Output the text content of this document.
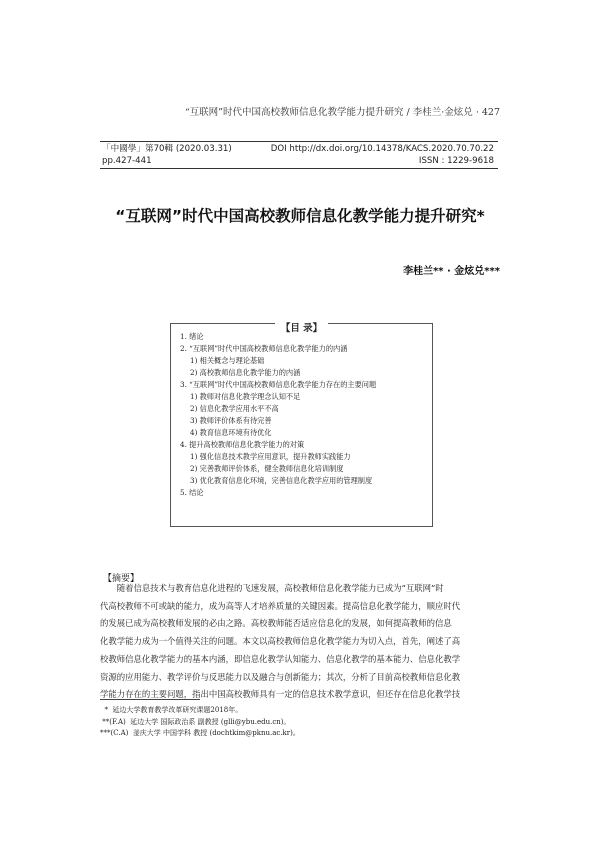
“互联网”时代中国高校教师信息化教学能力提升研究 / 李桂兰·金炫兑 · 427
「中國學」第70輯 (2020.03.31)	DOI http://dx.doi.org/10.14378/KACS.2020.70.70.22
pp.427-441	ISSN : 1229-9618
“互联网”时代中国高校教师信息化教学能力提升研究*
李桂兰** · 金炫兑***
【目 录】
1. 绪论
2. “互联网”时代中国高校教师信息化教学能力的内涵
1) 相关概念与理论基础
2) 高校教师信息化教学能力的内涵
3. “互联网”时代中国高校教师信息化教学能力存在的主要问题
1) 教师对信息化教学理念认知不足
2) 信息化教学应用水平不高
3) 教师评价体系有待完善
4) 教育信息环境有待优化
4. 提升高校教师信息化教学能力的对策
1) 强化信息技术教学应用意识，提升教师实践能力
2) 完善教师评价体系，健全教师信息化培训制度
3) 优化教育信息化环境，完善信息化教学应用的管理制度
5. 结论
【摘要】

随着信息技术与教育信息化进程的飞速发展，高校教师信息化教学能力已成为“互联网”时
代高校教师不可或缺的能力，成为高等人才培养质量的关键因素。提高信息化教学能力，顺应时代
的发展已成为高校教师发展的必由之路。高校教师能否适应信息化的发展，如何提高教师的信息
化教学能力成为一个值得关注的问题。本文以高校教师信息化教学能力为切入点，首先，阐述了高
校教师信息化教学能力的基本内涵，即信息化教学认知能力、信息化教学的基本能力、信息化教学
资源的应用能力、教学评价与反思能力以及融合与创新能力；其次，分析了目前高校教师信息化教
学能力存在的主要问题，指出中国高校教师具有一定的信息技术教学意识，但还存在信息化教学技

*  延边大学教育教学改革研究课题2018年。
**(F.A)  延边大学 国际政治系 副教授 (glli@ybu.edu.cn)。
***(C.A)  釜庆大学 中国学科 教授 (dochtkim@pknu.ac.kr)。
